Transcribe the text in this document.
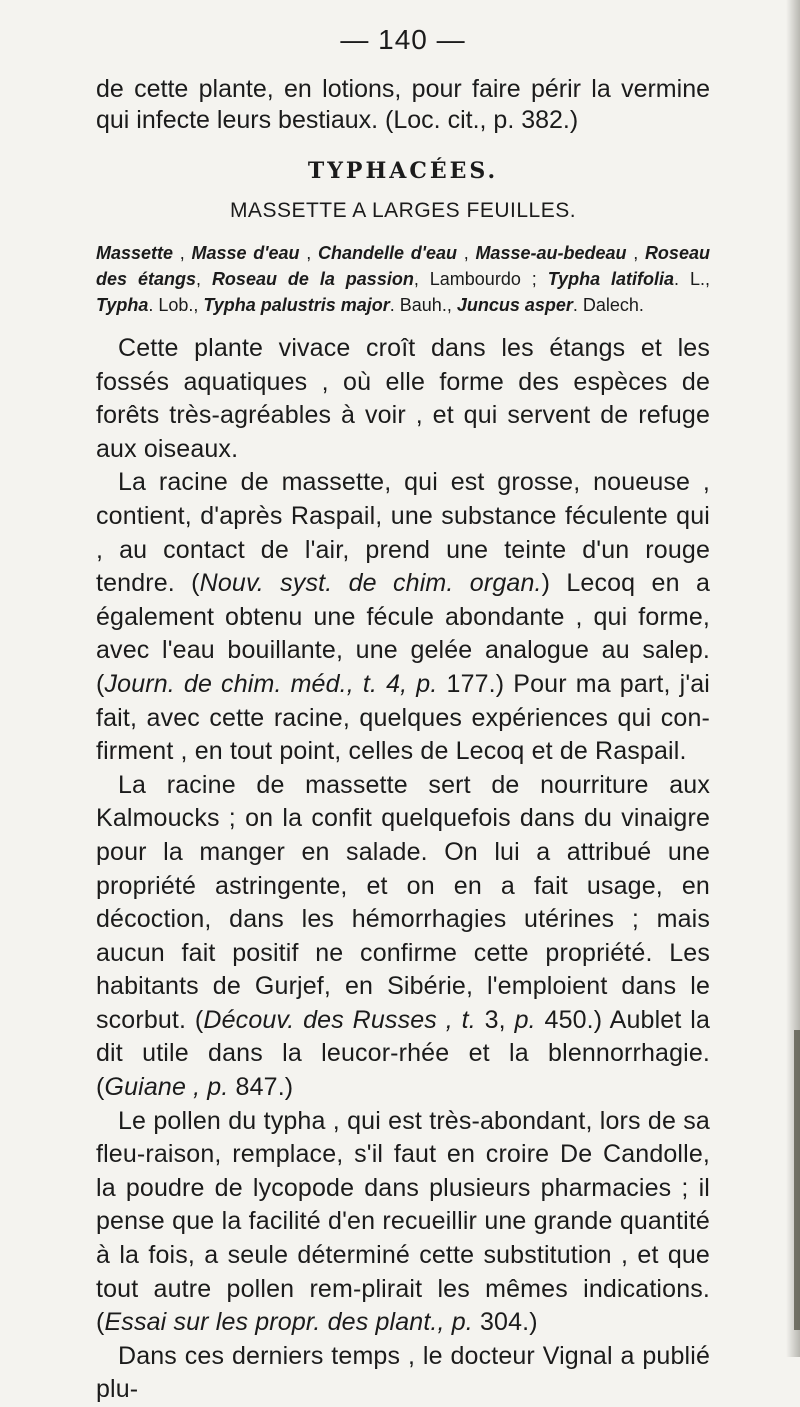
— 140 —

de cette plante, en lotions, pour faire périr la vermine qui infecte leurs bestiaux. (Loc. cit., p. 382.)

TYPHACÉES.
MASSETTE A LARGES FEUILLES.

Massette , Masse d'eau , Chandelle d'eau , Masse-au-bedeau , Roseau des étangs, Roseau de la passion, Lambourdo ; Typha latifolia. L., Typha. Lob., Typha palustris major. Bauh., Juncus asper. Dalech.

Cette plante vivace croît dans les étangs et les fossés aquatiques , où elle forme des espèces de forêts très-agréables à voir , et qui servent de refuge aux oiseaux.

La racine de massette, qui est grosse, noueuse , contient, d'après Raspail, une substance féculente qui , au contact de l'air, prend une teinte d'un rouge tendre. (Nouv. syst. de chim. organ.) Lecoq en a également obtenu une fécule abondante , qui forme, avec l'eau bouillante, une gelée analogue au salep. (Journ. de chim. méd., t. 4, p. 177.) Pour ma part, j'ai fait, avec cette racine, quelques expériences qui con-firment , en tout point, celles de Lecoq et de Raspail.

La racine de massette sert de nourriture aux Kalmoucks ; on la confit quelquefois dans du vinaigre pour la manger en salade. On lui a attribué une propriété astringente, et on en a fait usage, en décoction, dans les hémorrhagies utérines ; mais aucun fait positif ne confirme cette propriété. Les habitants de Gurjef, en Sibérie, l'emploient dans le scorbut. (Découv. des Russes , t. 3, p. 450.) Aublet la dit utile dans la leucor-rhée et la blennorrhagie. (Guiane , p. 847.)

Le pollen du typha , qui est très-abondant, lors de sa fleu-raison, remplace, s'il faut en croire De Candolle, la poudre de lycopode dans plusieurs pharmacies ; il pense que la facilité d'en recueillir une grande quantité à la fois, a seule déterminé cette substitution , et que tout autre pollen rem-plirait les mêmes indications. (Essai sur les propr. des plant., p. 304.)

Dans ces derniers temps , le docteur Vignal a publié plu-
